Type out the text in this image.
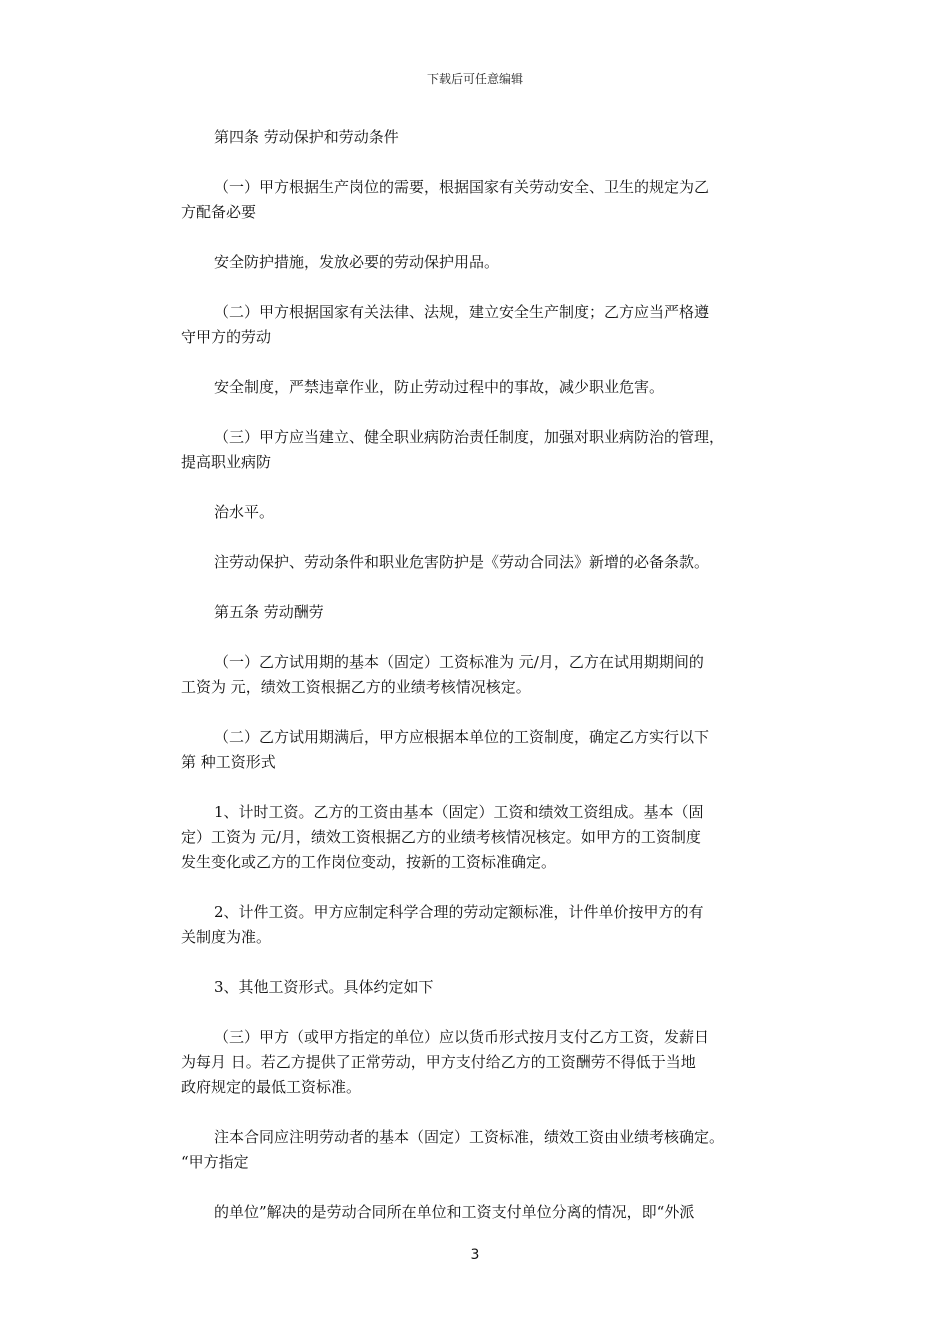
下载后可任意编辑
第四条 劳动保护和劳动条件
（一）甲方根据生产岗位的需要，根据国家有关劳动安全、卫生的规定为乙
方配备必要
安全防护措施，发放必要的劳动保护用品。
（二）甲方根据国家有关法律、法规，建立安全生产制度；乙方应当严格遵
守甲方的劳动
安全制度，严禁违章作业，防止劳动过程中的事故，减少职业危害。
（三）甲方应当建立、健全职业病防治责任制度，加强对职业病防治的管理，
提高职业病防
治水平。
注劳动保护、劳动条件和职业危害防护是《劳动合同法》新增的必备条款。
第五条 劳动酬劳
（一）乙方试用期的基本（固定）工资标准为 元/月，乙方在试用期期间的
工资为 元，绩效工资根据乙方的业绩考核情况核定。
（二）乙方试用期满后，甲方应根据本单位的工资制度，确定乙方实行以下
第 种工资形式
1、计时工资。乙方的工资由基本（固定）工资和绩效工资组成。基本（固
定）工资为 元/月，绩效工资根据乙方的业绩考核情况核定。如甲方的工资制度
发生变化或乙方的工作岗位变动，按新的工资标准确定。
2、计件工资。甲方应制定科学合理的劳动定额标准，计件单价按甲方的有
关制度为准。
3、其他工资形式。具体约定如下
（三）甲方（或甲方指定的单位）应以货币形式按月支付乙方工资，发薪日
为每月 日。若乙方提供了正常劳动，甲方支付给乙方的工资酬劳不得低于当地
政府规定的最低工资标准。
注本合同应注明劳动者的基本（固定）工资标准，绩效工资由业绩考核确定。
“甲方指定
的单位”解决的是劳动合同所在单位和工资支付单位分离的情况，即“外派
3
